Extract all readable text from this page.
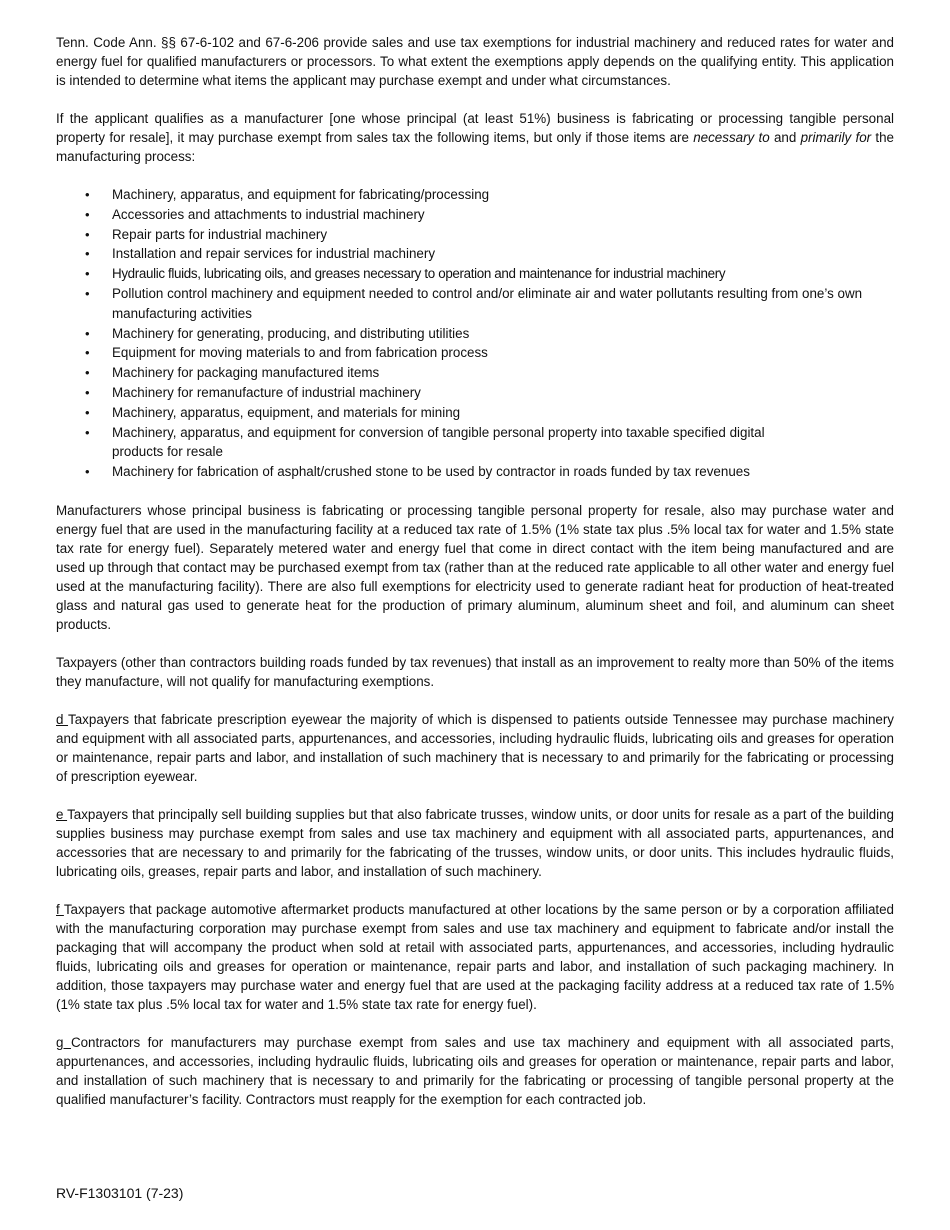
Tenn. Code Ann. §§ 67-6-102 and 67-6-206 provide sales and use tax exemptions for industrial machinery and reduced rates for water and energy fuel for qualified manufacturers or processors. To what extent the exemptions apply depends on the qualifying entity. This application is intended to determine what items the applicant may purchase exempt and under what circumstances.

If the applicant qualifies as a manufacturer [one whose principal (at least 51%) business is fabricating or processing tangible personal property for resale], it may purchase exempt from sales tax the following items, but only if those items are necessary to and primarily for the manufacturing process:

• Machinery, apparatus, and equipment for fabricating/processing
• Accessories and attachments to industrial machinery
• Repair parts for industrial machinery
• Installation and repair services for industrial machinery
• Hydraulic fluids, lubricating oils, and greases necessary to operation and maintenance for industrial machinery
• Pollution control machinery and equipment needed to control and/or eliminate air and water pollutants resulting from one’s own manufacturing activities
• Machinery for generating, producing, and distributing utilities
• Equipment for moving materials to and from fabrication process
• Machinery for packaging manufactured items
• Machinery for remanufacture of industrial machinery
• Machinery, apparatus, equipment, and materials for mining
• Machinery, apparatus, and equipment for conversion of tangible personal property into taxable specified digital products for resale
• Machinery for fabrication of asphalt/crushed stone to be used by contractor in roads funded by tax revenues

Manufacturers whose principal business is fabricating or processing tangible personal property for resale, also may purchase water and energy fuel that are used in the manufacturing facility at a reduced tax rate of 1.5% (1% state tax plus .5% local tax for water and 1.5% state tax rate for energy fuel). Separately metered water and energy fuel that come in direct contact with the item being manufactured and are used up through that contact may be purchased exempt from tax (rather than at the reduced rate applicable to all other water and energy fuel used at the manufacturing facility). There are also full exemptions for electricity used to generate radiant heat for production of heat-treated glass and natural gas used to generate heat for the production of primary aluminum, aluminum sheet and foil, and aluminum can sheet products.

Taxpayers (other than contractors building roads funded by tax revenues) that install as an improvement to realty more than 50% of the items they manufacture, will not qualify for manufacturing exemptions.

d Taxpayers that fabricate prescription eyewear the majority of which is dispensed to patients outside Tennessee may purchase machinery and equipment with all associated parts, appurtenances, and accessories, including hydraulic fluids, lubricating oils and greases for operation or maintenance, repair parts and labor, and installation of such machinery that is necessary to and primarily for the fabricating or processing of prescription eyewear.

e Taxpayers that principally sell building supplies but that also fabricate trusses, window units, or door units for resale as a part of the building supplies business may purchase exempt from sales and use tax machinery and equipment with all associated parts, appurtenances, and accessories that are necessary to and primarily for the fabricating of the trusses, window units, or door units. This includes hydraulic fluids, lubricating oils, greases, repair parts and labor, and installation of such machinery.

f Taxpayers that package automotive aftermarket products manufactured at other locations by the same person or by a corporation affiliated with the manufacturing corporation may purchase exempt from sales and use tax machinery and equipment to fabricate and/or install the packaging that will accompany the product when sold at retail with associated parts, appurtenances, and accessories, including hydraulic fluids, lubricating oils and greases for operation or maintenance, repair parts and labor, and installation of such packaging machinery. In addition, those taxpayers may purchase water and energy fuel that are used at the packaging facility address at a reduced tax rate of 1.5% (1% state tax plus .5% local tax for water and 1.5% state tax rate for energy fuel).

g Contractors for manufacturers may purchase exempt from sales and use tax machinery and equipment with all associated parts, appurtenances, and accessories, including hydraulic fluids, lubricating oils and greases for operation or maintenance, repair parts and labor, and installation of such machinery that is necessary to and primarily for the fabricating or processing of tangible personal property at the qualified manufacturer’s facility. Contractors must reapply for the exemption for each contracted job.

RV-F1303101 (7-23)
